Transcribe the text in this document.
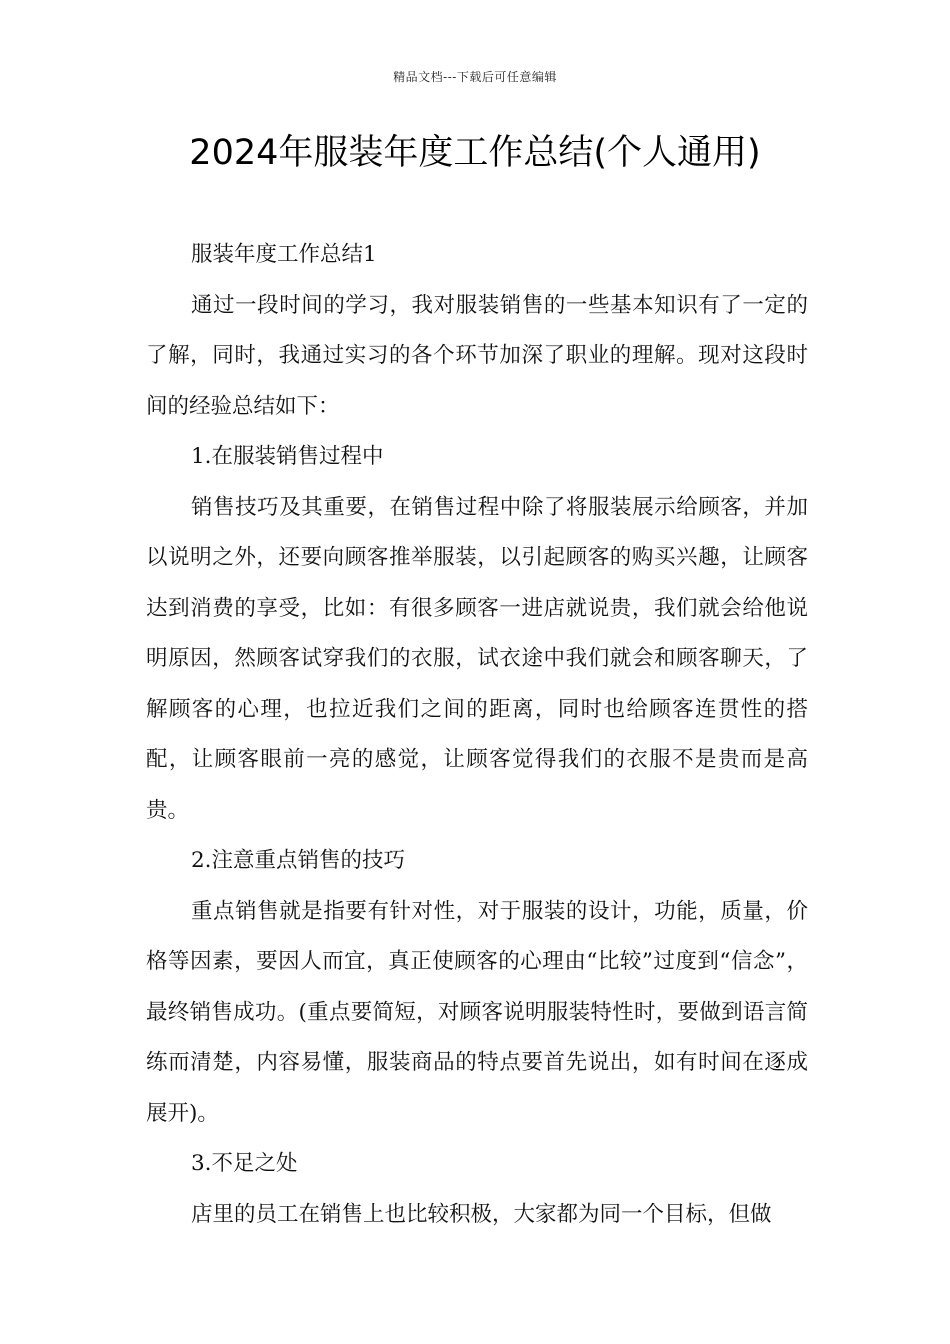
精品文档---下载后可任意编辑
2024年服装年度工作总结(个人通用)

服装年度工作总结1

通过一段时间的学习，我对服装销售的一些基本知识有了一定的了解，同时，我通过实习的各个环节加深了职业的理解。现对这段时间的经验总结如下：

1.在服装销售过程中

销售技巧及其重要，在销售过程中除了将服装展示给顾客，并加以说明之外，还要向顾客推举服装，以引起顾客的购买兴趣，让顾客达到消费的享受，比如：有很多顾客一进店就说贵，我们就会给他说明原因，然顾客试穿我们的衣服，试衣途中我们就会和顾客聊天，了解顾客的心理，也拉近我们之间的距离，同时也给顾客连贯性的搭配，让顾客眼前一亮的感觉，让顾客觉得我们的衣服不是贵而是高贵。

2.注意重点销售的技巧

重点销售就是指要有针对性，对于服装的设计，功能，质量，价格等因素，要因人而宜，真正使顾客的心理由“比较”过度到“信念”，最终销售成功。(重点要简短，对顾客说明服装特性时，要做到语言简练而清楚，内容易懂，服装商品的特点要首先说出，如有时间在逐成展开)。

3.不足之处

店里的员工在销售上也比较积极，大家都为同一个目标，但做
